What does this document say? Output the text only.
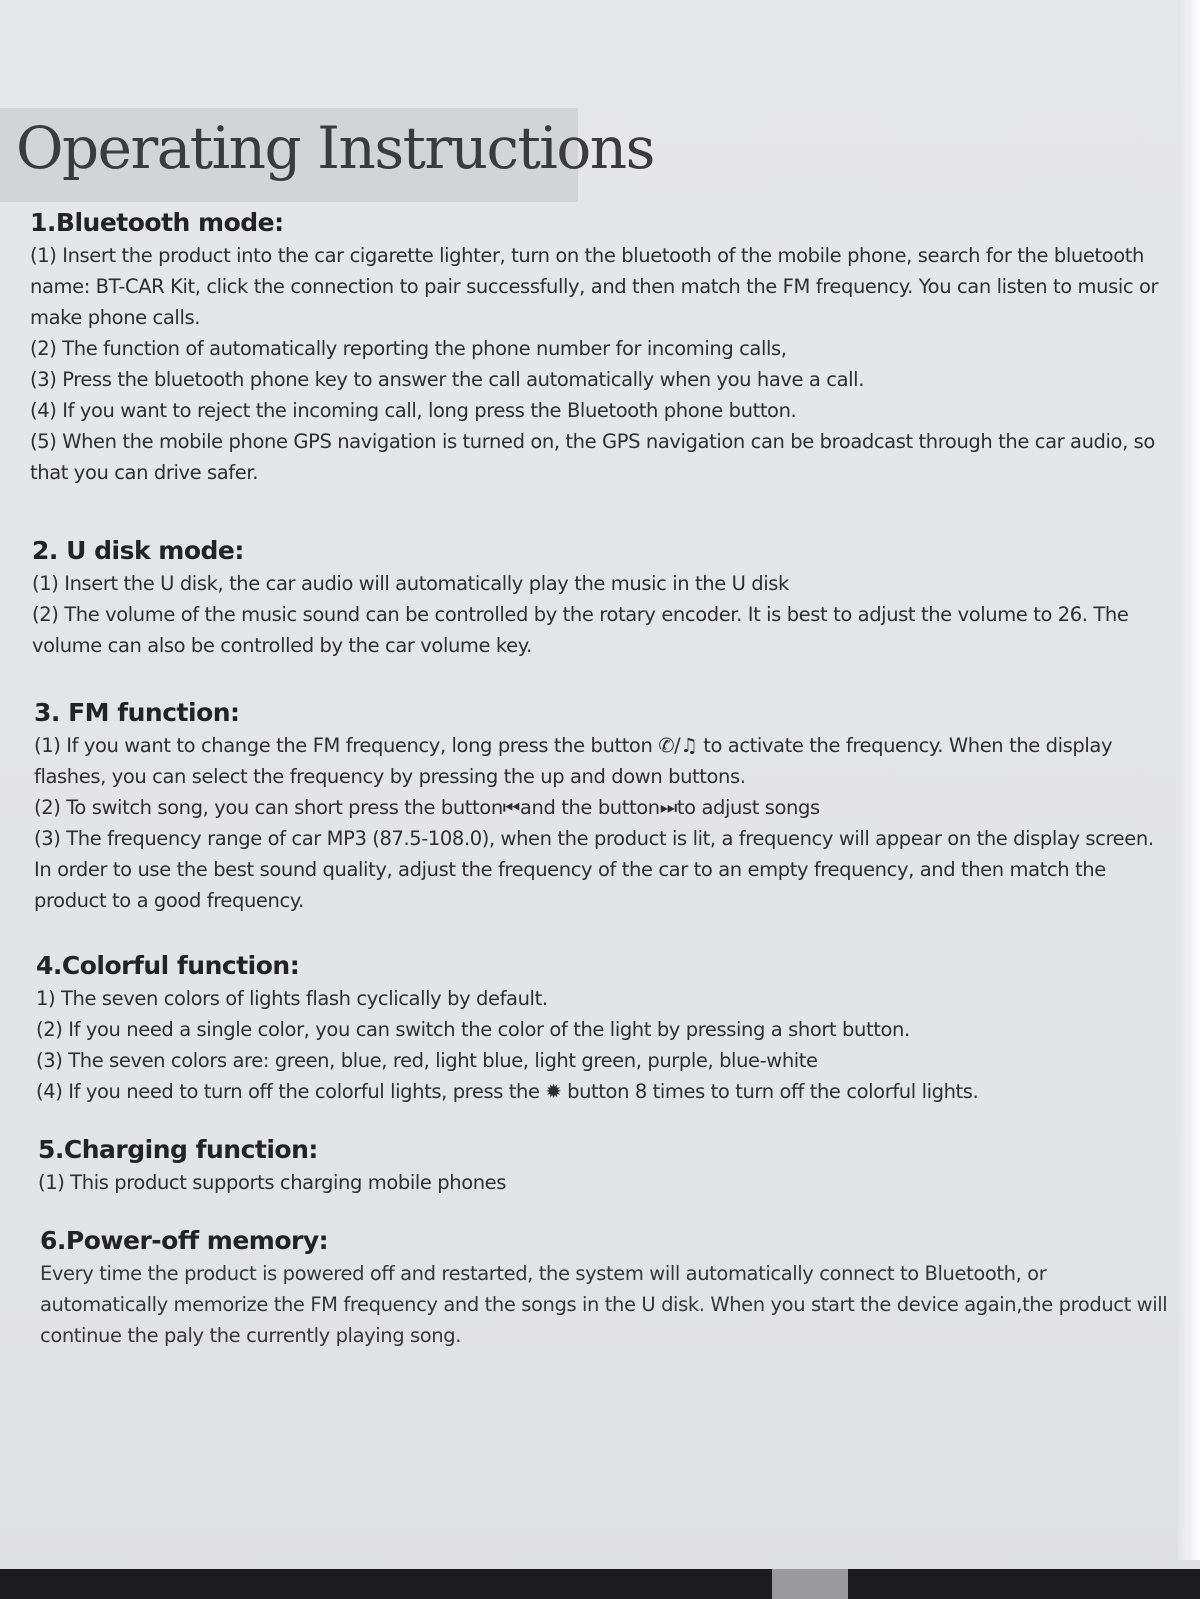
Operating Instructions
1.Bluetooth mode:

(1) Insert the product into the car cigarette lighter, turn on the bluetooth of the mobile phone, search for the bluetooth name: BT-CAR Kit, click the connection to pair successfully, and then match the FM frequency. You can listen to music or make phone calls.

(2) The function of automatically reporting the phone number for incoming calls,

(3) Press the bluetooth phone key to answer the call automatically when you have a call.

(4) If you want to reject the incoming call, long press the Bluetooth phone button.

(5) When the mobile phone GPS navigation is turned on, the GPS navigation can be broadcast through the car audio, so that you can drive safer.

2. U disk mode:

(1) Insert the U disk, the car audio will automatically play the music in the U disk

(2) The volume of the music sound can be controlled by the rotary encoder. It is best to adjust the volume to 26. The volume can also be controlled by the car volume key.

3. FM function:

(1) If you want to change the FM frequency, long press the button ✆/♫ to activate the frequency. When the display flashes, you can select the frequency by pressing the up and down buttons.

(2) To switch song, you can short press the button⏮and the button⏭to adjust songs

(3) The frequency range of car MP3 (87.5-108.0), when the product is lit, a frequency will appear on the display screen. In order to use the best sound quality, adjust the frequency of the car to an empty frequency, and then match the product to a good frequency.

4.Colorful function:

1) The seven colors of lights flash cyclically by default.

(2) If you need a single color, you can switch the color of the light by pressing a short button.

(3) The seven colors are: green, blue, red, light blue, light green, purple, blue-white

(4) If you need to turn off the colorful lights, press the ✹ button 8 times to turn off the colorful lights.

5.Charging function:

(1) This product supports charging mobile phones

6.Power-off memory:

Every time the product is powered off and restarted, the system will automatically connect to Bluetooth, or automatically memorize the FM frequency and the songs in the U disk. When you start the device again,the product will continue the paly the currently playing song.
